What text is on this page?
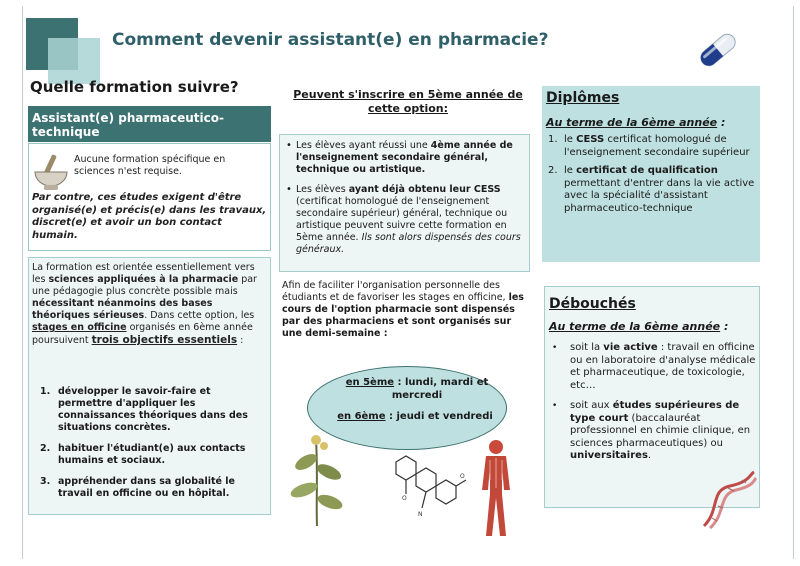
Comment devenir assistant(e) en pharmacie?
Quelle formation suivre?
Assistant(e) pharmaceutico-technique
Aucune formation spécifique en sciences n'est requise.
Par contre, ces études exigent d'être organisé(e) et précis(e) dans les travaux, discret(e) et avoir un bon contact humain.
La formation est orientée essentiellement vers les sciences appliquées à la pharmacie par une pédagogie plus concrète possible mais nécessitant néanmoins des bases théoriques sérieuses. Dans cette option, les stages en officine organisés en 6ème année poursuivent trois objectifs essentiels :
1. développer le savoir-faire et permettre d'appliquer les connaissances théoriques dans des situations concrètes.
2. habituer l'étudiant(e) aux contacts humains et sociaux.
3. appréhender dans sa globalité le travail en officine ou en hôpital.
Peuvent s'inscrire en 5ème année de cette option:
• Les élèves ayant réussi une 4ème année de l'enseignement secondaire général, technique ou artistique.
• Les élèves ayant déjà obtenu leur CESS (certificat homologué de l'enseignement secondaire supérieur) général, technique ou artistique peuvent suivre cette formation en 5ème année. Ils sont alors dispensés des cours généraux.
Afin de faciliter l'organisation personnelle des étudiants et de favoriser les stages en officine, les cours de l'option pharmacie sont dispensés par des pharmaciens et sont organisés sur une demi-semaine :
en 5ème : lundi, mardi et mercredi
en 6ème : jeudi et vendredi
O
N
O
Diplômes
Au terme de la 6ème année :
1. le CESS certificat homologué de l'enseignement secondaire supérieur
2. le certificat de qualification permettant d'entrer dans la vie active avec la spécialité d'assistant pharmaceutico-technique
Débouchés
Au terme de la 6ème année :
•	soit la vie active : travail en officine ou en laboratoire d'analyse médicale et pharmaceutique, de toxicologie, etc…
•	soit aux études supérieures de type court (baccalauréat professionnel en chimie clinique, en sciences pharmaceutiques) ou universitaires.
